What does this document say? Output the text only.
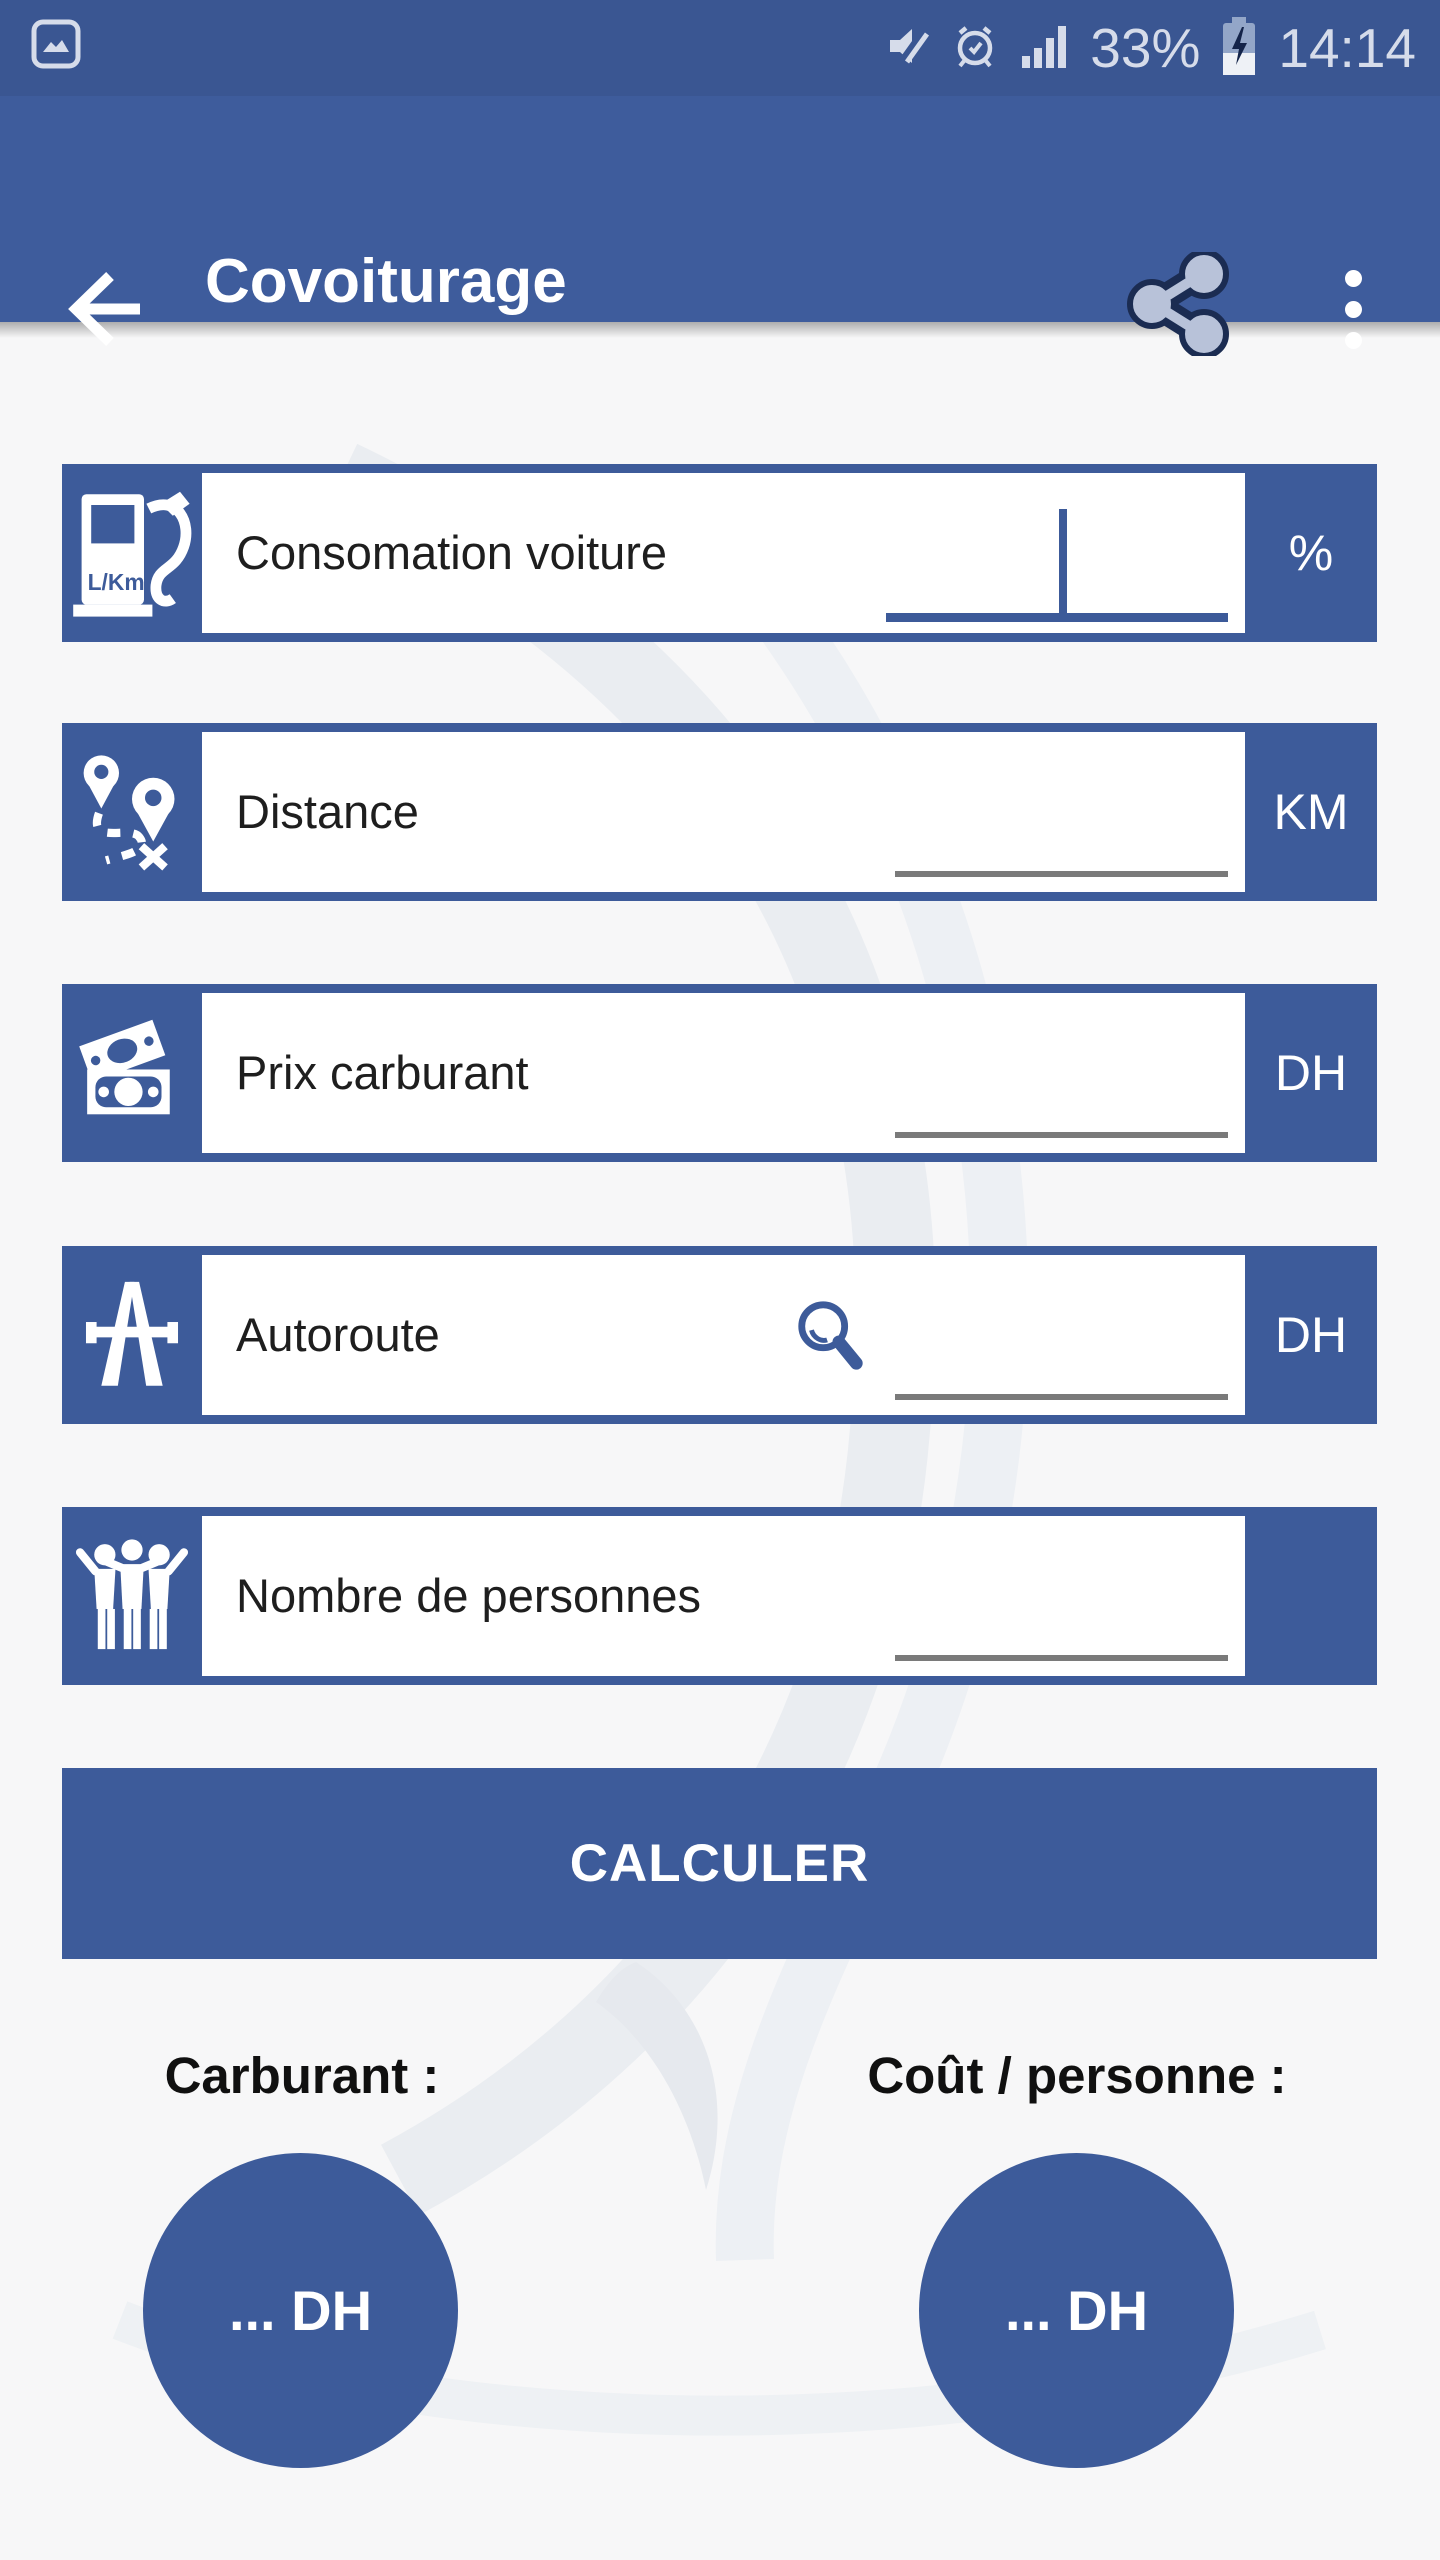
33% 14:14
Covoiturage
L/Km
Consomation voiture	%
Distance	KM
Prix carburant	DH
Autoroute	DH
Nombre de personnes
CALCULER
Carburant :	Coût / personne :
... DH	... DH
